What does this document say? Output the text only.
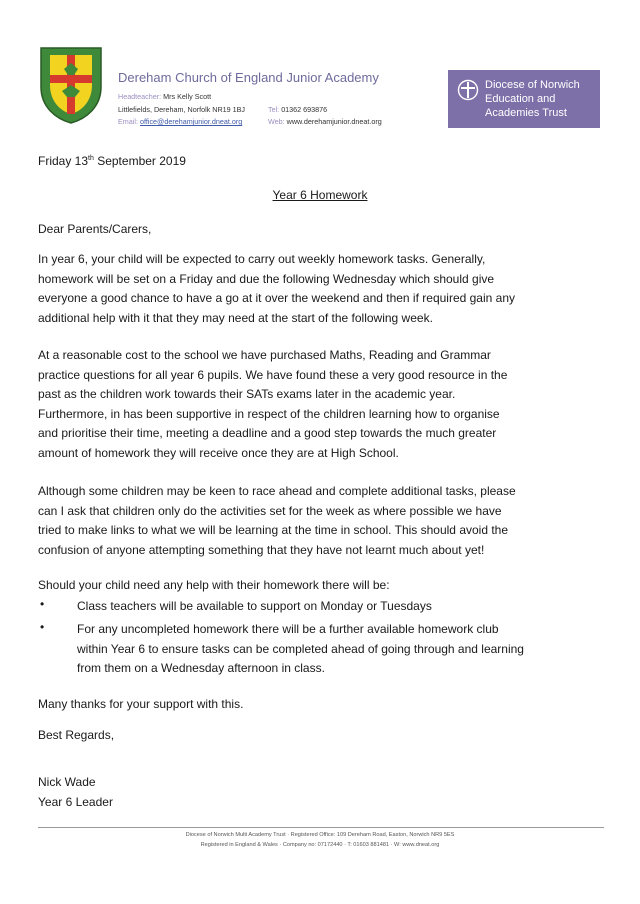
Dereham Church of England Junior Academy
Headteacher: Mrs Kelly Scott
Littlefields, Dereham, Norfolk NR19 1BJ	Tel: 01362 693876
Email: office@derehamjunior.dneat.org	Web: www.derehamjunior.dneat.org
Diocese of Norwich
Education and
Academies Trust
Friday 13th September 2019
Year 6 Homework
Dear Parents/Carers,
In year 6, your child will be expected to carry out weekly homework tasks. Generally,
homework will be set on a Friday and due the following Wednesday which should give
everyone a good chance to have a go at it over the weekend and then if required gain any
additional help with it that they may need at the start of the following week.
At a reasonable cost to the school we have purchased Maths, Reading and Grammar
practice questions for all year 6 pupils. We have found these a very good resource in the
past as the children work towards their SATs exams later in the academic year.
Furthermore, in has been supportive in respect of the children learning how to organise
and prioritise their time, meeting a deadline and a good step towards the much greater
amount of homework they will receive once they are at High School.
Although some children may be keen to race ahead and complete additional tasks, please
can I ask that children only do the activities set for the week as where possible we have
tried to make links to what we will be learning at the time in school. This should avoid the
confusion of anyone attempting something that they have not learnt much about yet!
Should your child need any help with their homework there will be:
•	Class teachers will be available to support on Monday or Tuesdays
•	For any uncompleted homework there will be a further available homework club
within Year 6 to ensure tasks can be completed ahead of going through and learning
from them on a Wednesday afternoon in class.
Many thanks for your support with this.
Best Regards,
Nick Wade
Year 6 Leader
Diocese of Norwich Multi Academy Trust · Registered Office: 109 Dereham Road, Easton, Norwich NR9 5ES
Registered in England & Wales · Company no: 07172440 · T: 01603 881481 · W: www.dneat.org
